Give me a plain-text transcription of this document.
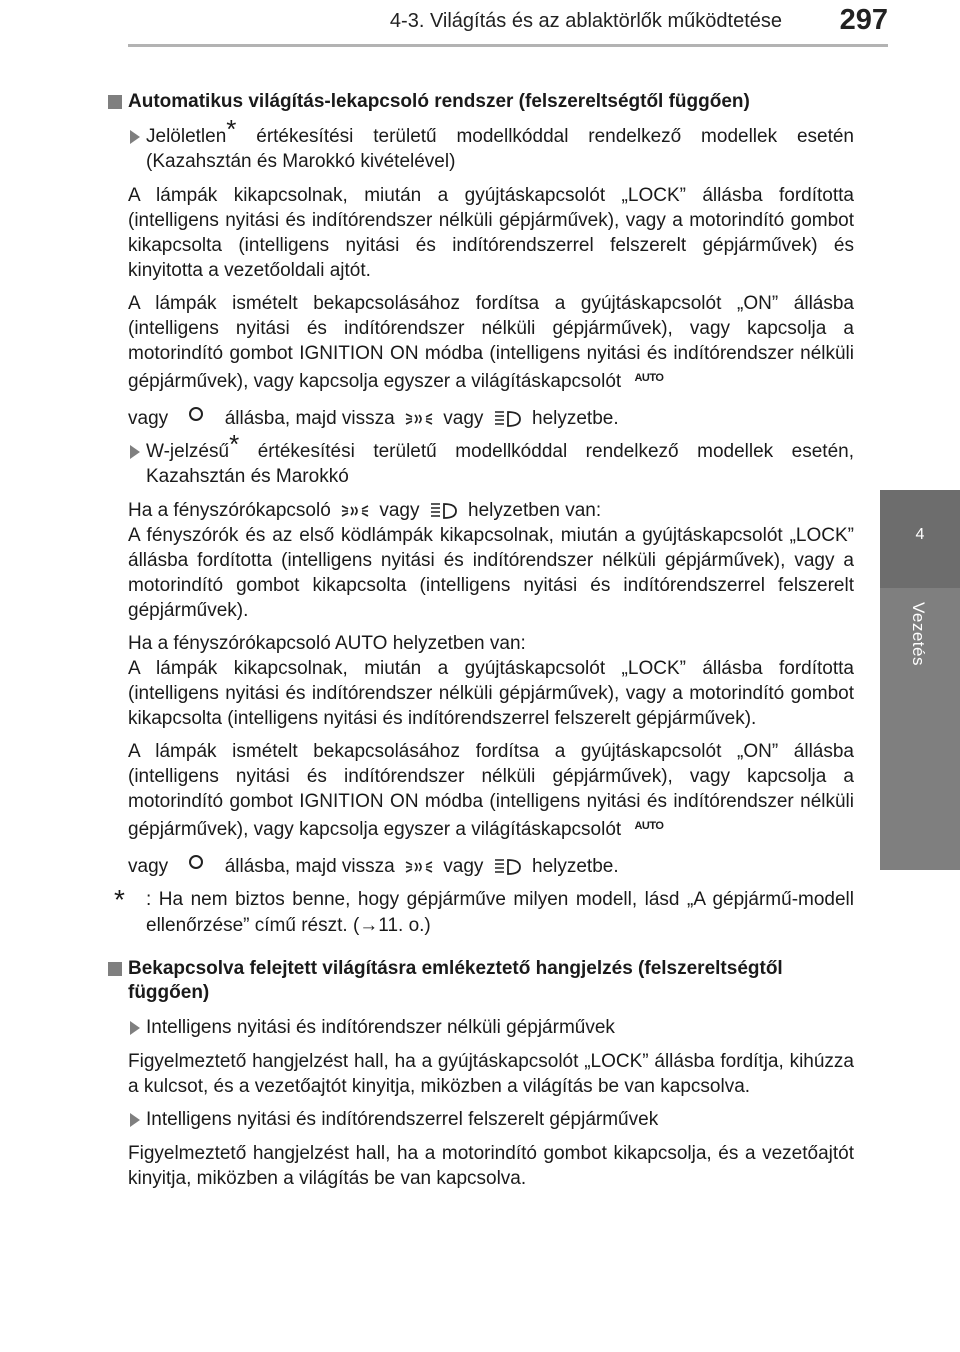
4-3. Világítás és az ablaktörlők működtetése 297
4
Vezetés
Automatikus világítás-lekapcsoló rendszer (felszereltségtől függően)
Jelöletlen* értékesítési területű modellkóddal rendelkező modellek esetén (Kazahsztán és Marokkó kivételével)

A lámpák kikapcsolnak, miután a gyújtáskapcsolót „LOCK” állásba fordította (intelligens nyitási és indítórendszer nélküli gépjárművek), vagy a motorindító gombot kikapcsolta (intelligens nyitási és indítórendszerrel felszerelt gépjárművek) és kinyitotta a vezetőoldali ajtót.

A lámpák ismételt bekapcsolásához fordítsa a gyújtáskapcsolót „ON” állásba (intelligens nyitási és indítórendszer nélküli gépjárművek), vagy kapcsolja a motorindító gombot IGNITION ON módba (intelligens nyitási és indítórendszer nélküli gépjárművek), vagy kapcsolja egyszer a világításkapcsolót $^{AUTO}$
vagy	állásba, majd vissza	vagy	helyzetbe.

W-jelzésű* értékesítési területű modellkóddal rendelkező modellek esetén, Kazahsztán és Marokkó

Ha a fényszórókapcsoló	vagy	helyzetben van:
A fényszórók és az első ködlámpák kikapcsolnak, miután a gyújtáskapcsolót „LOCK” állásba fordította (intelligens nyitási és indítórendszer nélküli gépjárművek), vagy a motorindító gombot kikapcsolta (intelligens nyitási és indítórendszerrel felszerelt gépjárművek).

Ha a fényszórókapcsoló AUTO helyzetben van:
A lámpák kikapcsolnak, miután a gyújtáskapcsolót „LOCK” állásba fordította (intelligens nyitási és indítórendszer nélküli gépjárművek), vagy a motorindító gombot kikapcsolta (intelligens nyitási és indítórendszerrel felszerelt gépjárművek).

A lámpák ismételt bekapcsolásához fordítsa a gyújtáskapcsolót „ON” állásba (intelligens nyitási és indítórendszer nélküli gépjárművek), vagy kapcsolja a motorindító gombot IGNITION ON módba (intelligens nyitási és indítórendszer nélküli gépjárművek), vagy kapcsolja egyszer a világításkapcsolót $^{AUTO}$
vagy	állásba, majd vissza	vagy	helyzetbe.

* : Ha nem biztos benne, hogy gépjárműve milyen modell, lásd „A gépjármű-modell ellenőrzése” című részt. (→11. o.)
Bekapcsolva felejtett világításra emlékeztető hangjelzés (felszereltségtől függően)
Intelligens nyitási és indítórendszer nélküli gépjárművek

Figyelmeztető hangjelzést hall, ha a gyújtáskapcsolót „LOCK” állásba fordítja, kihúzza a kulcsot, és a vezetőajtót kinyitja, miközben a világítás be van kapcsolva.

Intelligens nyitási és indítórendszerrel felszerelt gépjárművek

Figyelmeztető hangjelzést hall, ha a motorindító gombot kikapcsolja, és a vezetőajtót kinyitja, miközben a világítás be van kapcsolva.
